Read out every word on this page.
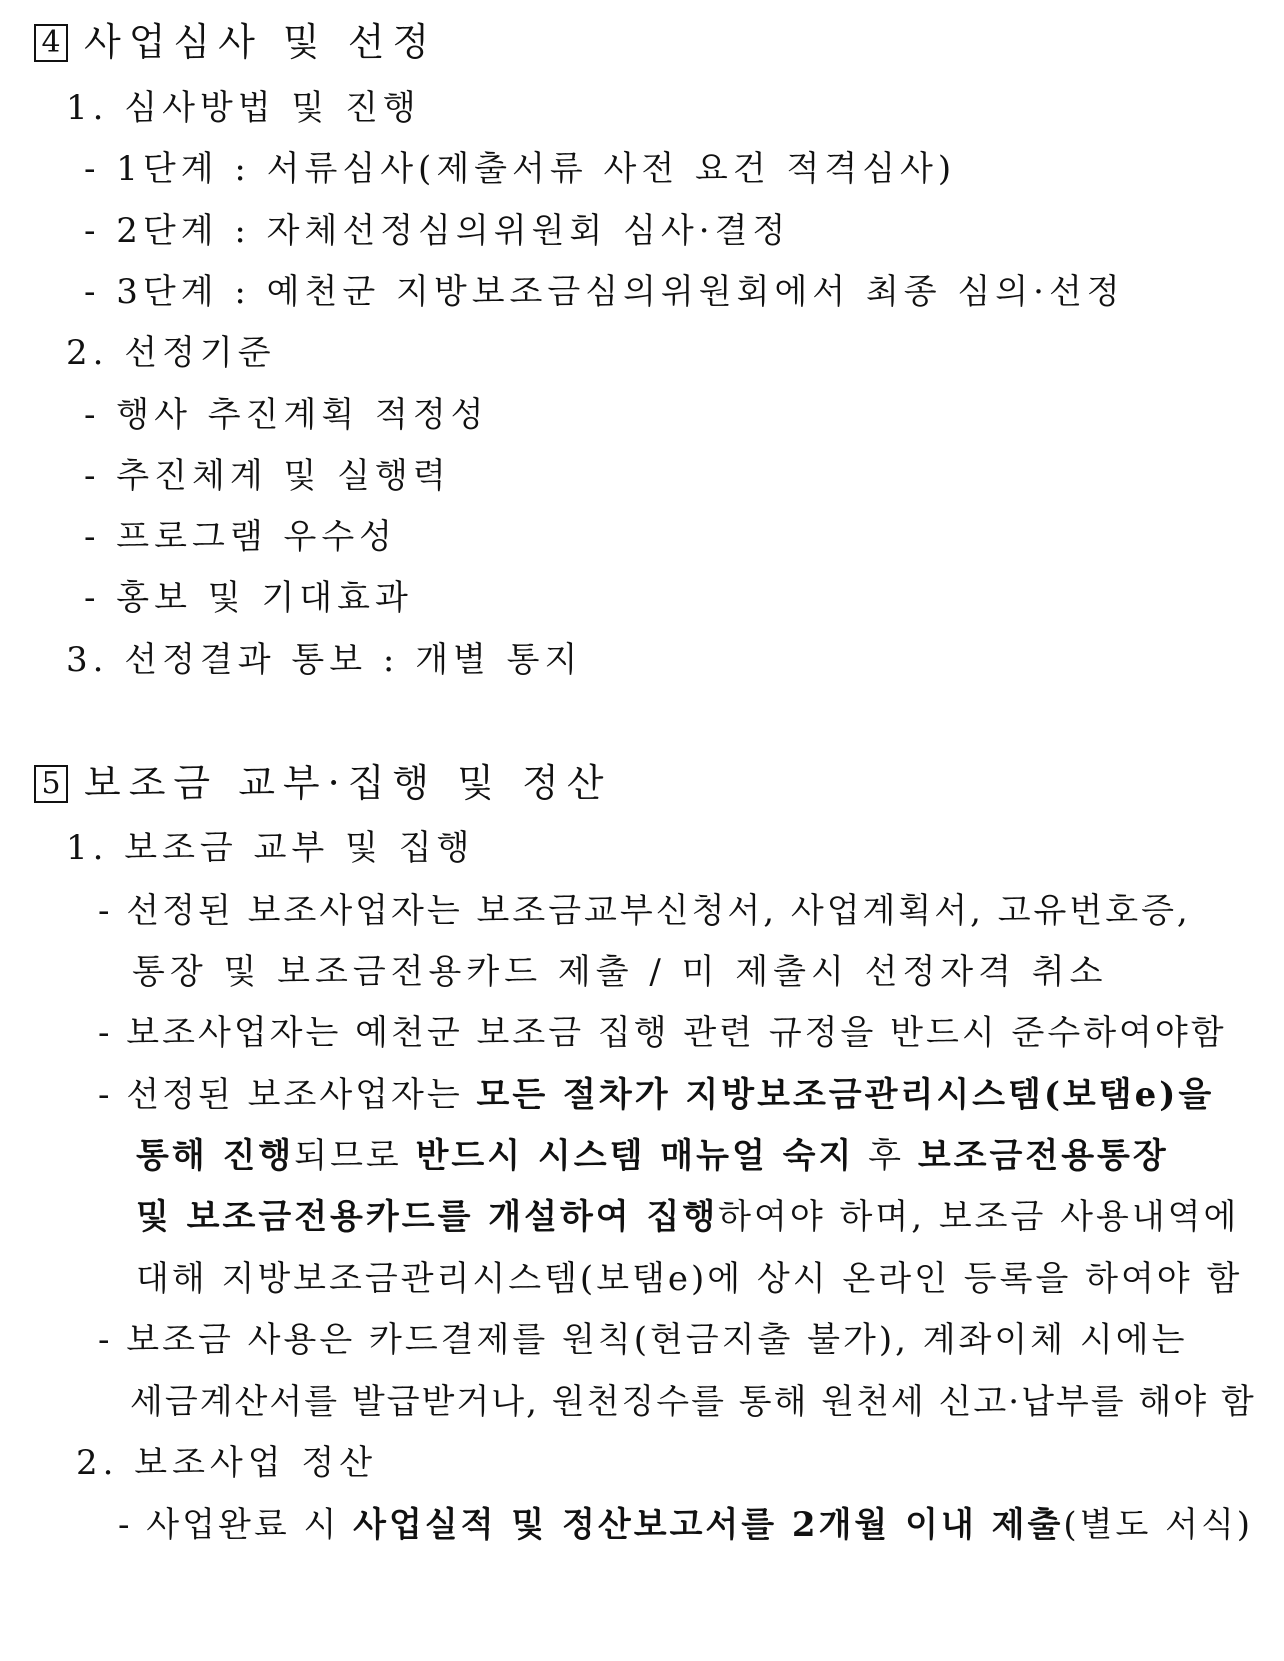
4 사업심사 및 선정
1. 심사방법 및 진행
- 1단계 : 서류심사(제출서류 사전 요건 적격심사)
- 2단계 : 자체선정심의위원회 심사·결정
- 3단계 : 예천군 지방보조금심의위원회에서 최종 심의·선정
2. 선정기준
- 행사 추진계획 적정성
- 추진체계 및 실행력
- 프로그램 우수성
- 홍보 및 기대효과
3. 선정결과 통보 : 개별 통지
5 보조금 교부·집행 및 정산
1. 보조금 교부 및 집행
- 선정된 보조사업자는 보조금교부신청서, 사업계획서, 고유번호증,
통장 및 보조금전용카드 제출 / 미 제출시 선정자격 취소
- 보조사업자는 예천군 보조금 집행 관련 규정을 반드시 준수하여야함
- 선정된 보조사업자는 모든 절차가 지방보조금관리시스템(보탬e)을
통해 진행되므로 반드시 시스템 매뉴얼 숙지 후 보조금전용통장
및 보조금전용카드를 개설하여 집행하여야 하며, 보조금 사용내역에
대해 지방보조금관리시스템(보탬e)에 상시 온라인 등록을 하여야 함
- 보조금 사용은 카드결제를 원칙(현금지출 불가), 계좌이체 시에는
세금계산서를 발급받거나, 원천징수를 통해 원천세 신고·납부를 해야 함
2. 보조사업 정산
- 사업완료 시 사업실적 및 정산보고서를 2개월 이내 제출(별도 서식)
